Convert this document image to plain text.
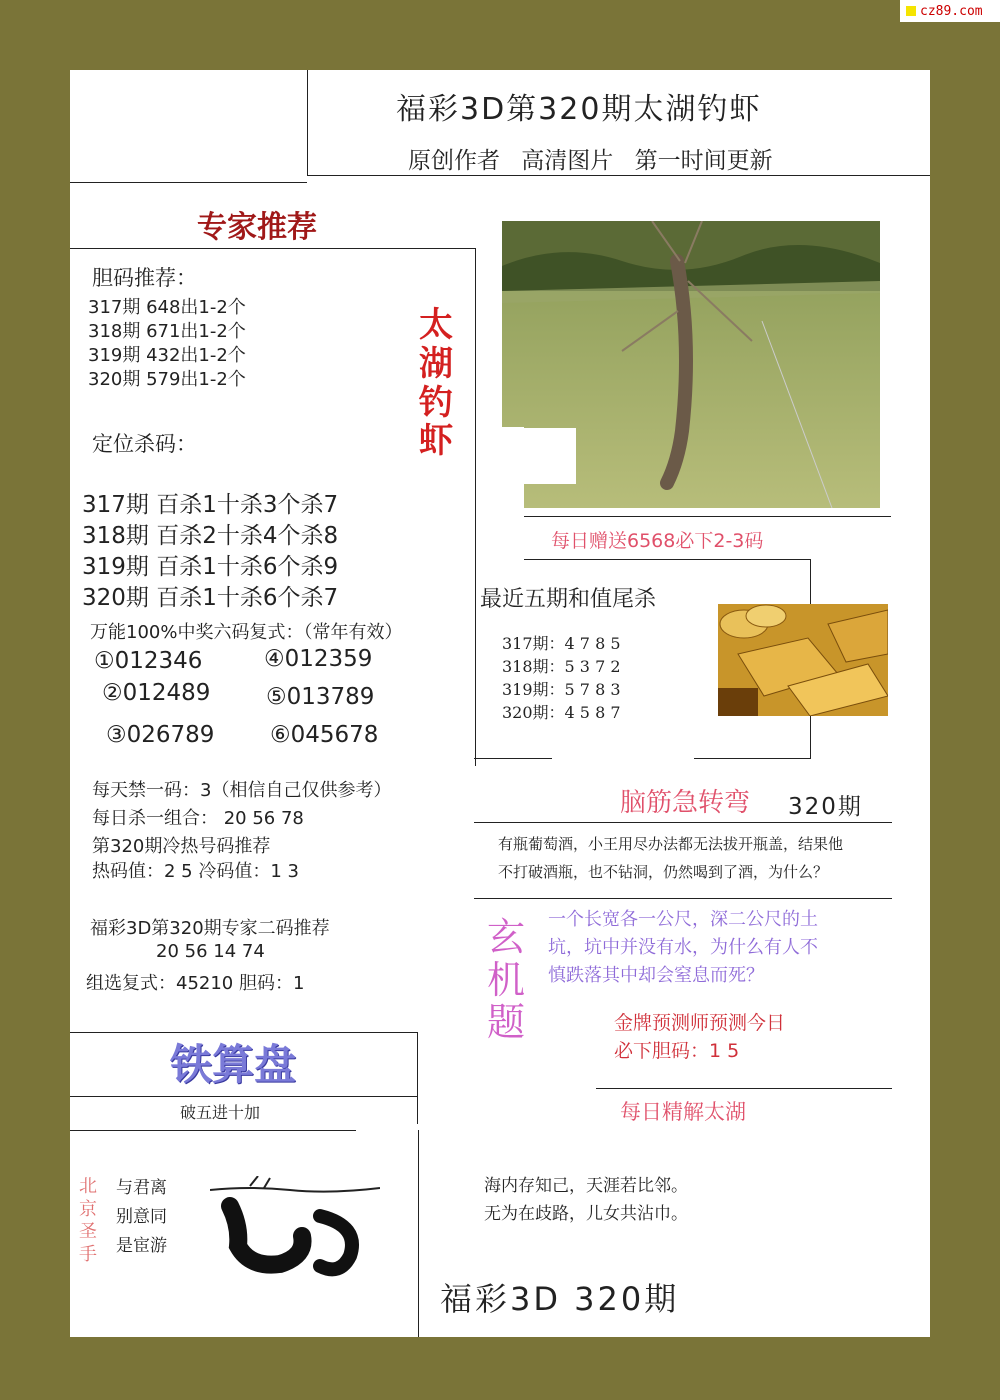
cz89.com
福彩3D第320期太湖钓虾
原创作者 高清图片 第一时间更新
专家推荐
胆码推荐：
317期 648出1-2个
318期 671出1-2个
319期 432出1-2个
320期 579出1-2个
定位杀码：
317期 百杀1十杀3个杀7
318期 百杀2十杀4个杀8
319期 百杀1十杀6个杀9
320期 百杀1十杀6个杀7
万能100%中奖六码复式：（常年有效）
①012346	④012359
②012489 ⑤013789
③026789 ⑥045678
每天禁一码：3（相信自己仅供参考）
每日杀一组合： 20 56 78
第320期冷热号码推荐
热码值：2 5 冷码值：1 3
福彩3D第320期专家二码推荐
20 56 14 74
组选复式：45210 胆码：1
太
湖
钓
虾
每日赠送6568必下2-3码
最近五期和值尾杀
317期：4 7 8 5
318期：5 3 7 2
319期：5 7 8 3
320期：4 5 8 7
脑筋急转弯 320期
有瓶葡萄酒，小王用尽办法都无法拔开瓶盖，结果他
不打破酒瓶，也不钻洞，仍然喝到了酒，为什么？
玄
机
题
一个长宽各一公尺，深二公尺的土
坑，坑中并没有水，为什么有人不
慎跌落其中却会窒息而死？
金牌预测师预测今日
必下胆码：1 5
每日精解太湖
铁算盘
破五进十加
北
京
圣
手
与君离
别意同
是宦游
海内存知己，天涯若比邻。
无为在歧路，儿女共沾巾。
福彩3D 320期
